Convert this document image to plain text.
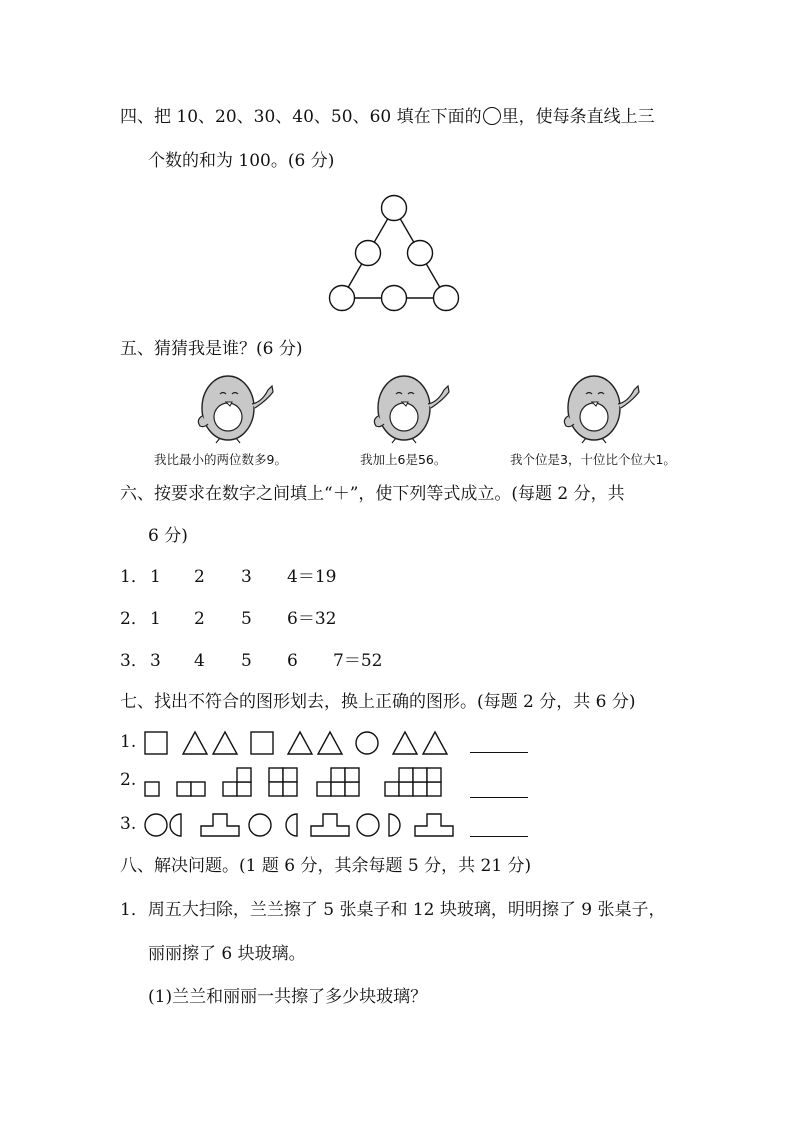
四、把 10、20、30、40、50、60 填在下面的 里，使每条直线上三
个数的和为 100。(6 分)
五、猜猜我是谁？(6 分)
我比最小的两位数多9。	我加上6是56。	我个位是3，十位比个位大1。
六、按要求在数字之间填上“＋”，使下列等式成立。(每题 2 分，共
6 分)
1． 1 2 3 4＝19
2． 1 2 5 6＝32
3． 3 4 5 6 7＝52
七、找出不符合的图形划去，换上正确的图形。(每题 2 分，共 6 分)
1.
2.
3.
八、解决问题。(1 题 6 分，其余每题 5 分，共 21 分)
1．周五大扫除，兰兰擦了 5 张桌子和 12 块玻璃，明明擦了 9 张桌子，
丽丽擦了 6 块玻璃。
(1)兰兰和丽丽一共擦了多少块玻璃？
